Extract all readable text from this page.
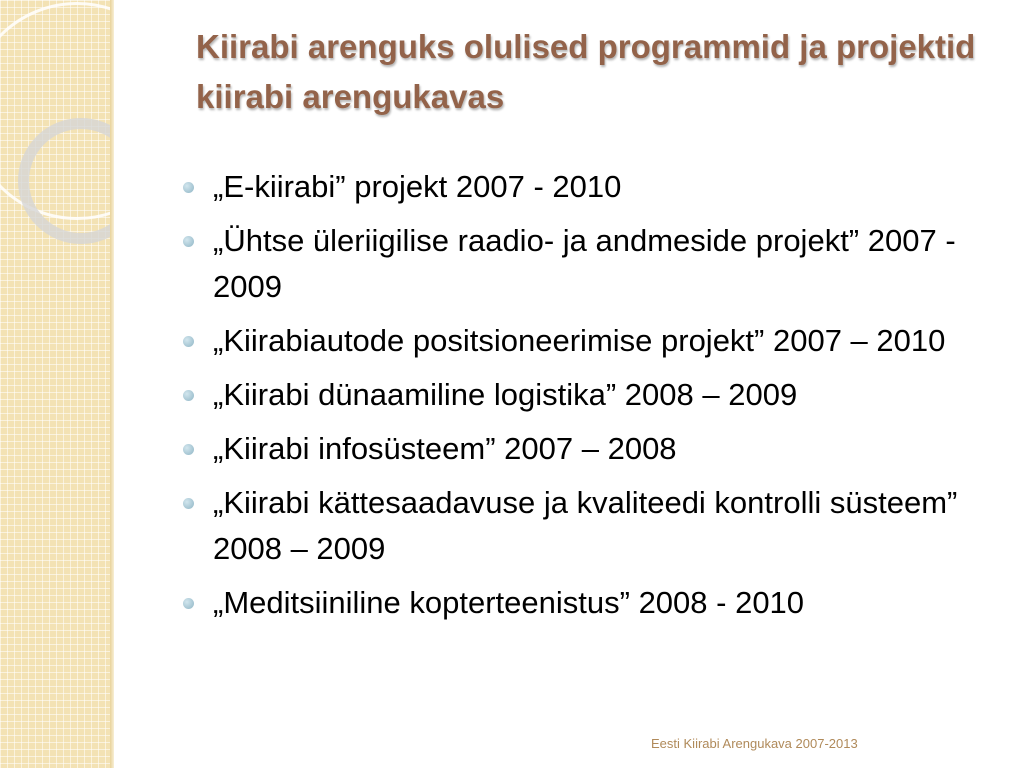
Kiirabi arenguks olulised programmid ja projektid kiirabi arengukavas
„E-kiirabi” projekt 2007 - 2010
„Ühtse üleriigilise raadio- ja andmeside projekt” 2007 - 2009
„Kiirabiautode positsioneerimise projekt” 2007 – 2010
„Kiirabi dünaamiline logistika” 2008 – 2009
„Kiirabi infosüsteem” 2007 – 2008
„Kiirabi kättesaadavuse ja kvaliteedi kontrolli süsteem” 2008 – 2009
„Meditsiiniline kopterteenistus” 2008 - 2010
Eesti Kiirabi Arengukava 2007-2013
